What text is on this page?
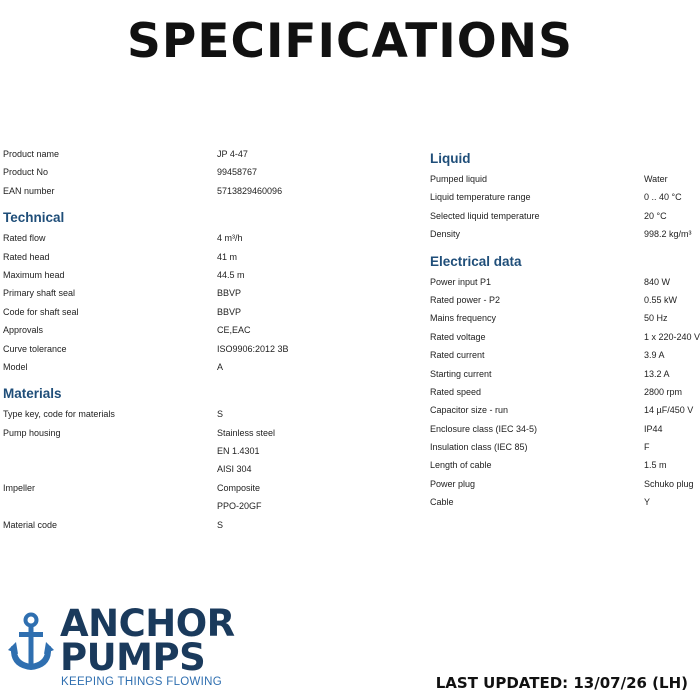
SPECIFICATIONS
Product name	JP 4-47
Product No	99458767
EAN number	5713829460096
Technical
Rated flow	4 m³/h
Rated head	41 m
Maximum head	44.5 m
Primary shaft seal	BBVP
Code for shaft seal	BBVP
Approvals	CE,EAC
Curve tolerance	ISO9906:2012 3B
Model	A
Materials
Type key, code for materials	S
Pump housing	Stainless steel
EN 1.4301
AISI 304
Impeller	Composite
PPO-20GF
Material code	S
Liquid
Pumped liquid	Water
Liquid temperature range	0 .. 40 °C
Selected liquid temperature	20 °C
Density	998.2 kg/m³
Electrical data
Power input P1	840 W
Rated power - P2	0.55 kW
Mains frequency	50 Hz
Rated voltage	1 x 220-240 V
Rated current	3.9 A
Starting current	13.2 A
Rated speed	2800 rpm
Capacitor size - run	14 µF/450 V
Enclosure class (IEC 34-5)	IP44
Insulation class (IEC 85)	F
Length of cable	1.5 m
Power plug	Schuko plug
Cable	Y
ANCHOR
PUMPS
KEEPING THINGS FLOWING	LAST UPDATED: 13/07/26 (LH)
